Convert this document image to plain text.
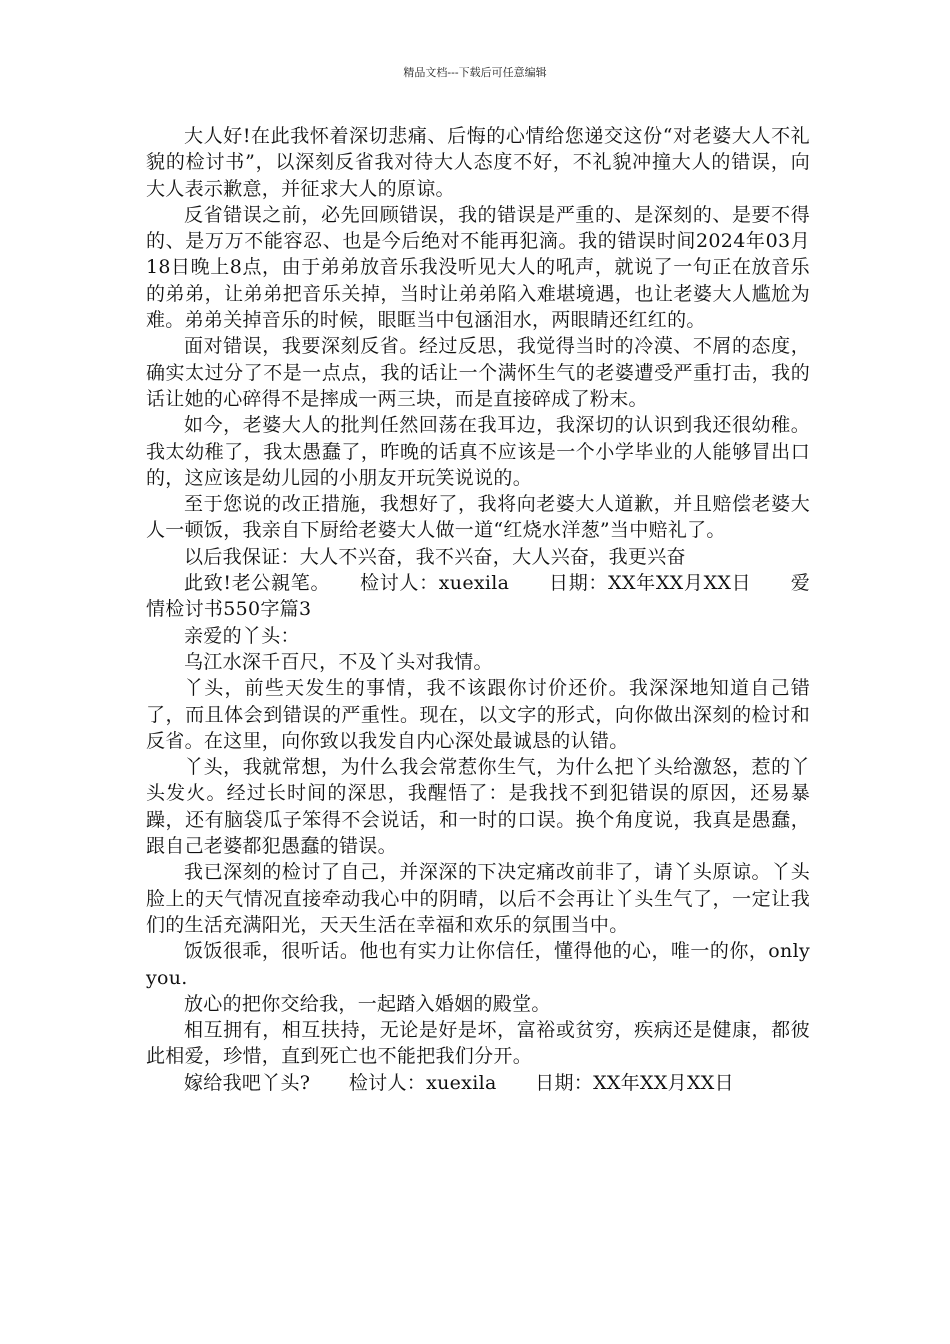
精品文档---下载后可任意编辑

大人好!在此我怀着深切悲痛、后悔的心情给您递交这份“对老婆大人不礼貌的检讨书”，以深刻反省我对待大人态度不好，不礼貌冲撞大人的错误，向大人表示歉意，并征求大人的原谅。

反省错误之前，必先回顾错误，我的错误是严重的、是深刻的、是要不得的、是万万不能容忍、也是今后绝对不能再犯滴。我的错误时间2024年03月18日晚上8点，由于弟弟放音乐我没听见大人的吼声，就说了一句正在放音乐的弟弟，让弟弟把音乐关掉，当时让弟弟陷入难堪境遇，也让老婆大人尴尬为难。弟弟关掉音乐的时候，眼眶当中包涵泪水，两眼睛还红红的。

面对错误，我要深刻反省。经过反思，我觉得当时的冷漠、不屑的态度，确实太过分了不是一点点，我的话让一个满怀生气的老婆遭受严重打击，我的话让她的心碎得不是摔成一两三块，而是直接碎成了粉末。

如今，老婆大人的批判任然回荡在我耳边，我深切的认识到我还很幼稚。我太幼稚了，我太愚蠢了，昨晚的话真不应该是一个小学毕业的人能够冒出口的，这应该是幼儿园的小朋友开玩笑说说的。

至于您说的改正措施，我想好了，我将向老婆大人道歉，并且赔偿老婆大人一顿饭，我亲自下厨给老婆大人做一道“红烧水洋葱”当中赔礼了。

以后我保证：大人不兴奋，我不兴奋，大人兴奋，我更兴奋

此致!老公親笔。　　检讨人：xuexila　　日期：XX年XX月XX日　　爱情检讨书550字篇3

亲爱的丫头：

乌江水深千百尺，不及丫头对我情。

丫头，前些天发生的事情，我不该跟你讨价还价。我深深地知道自己错了，而且体会到错误的严重性。现在，以文字的形式，向你做出深刻的检讨和反省。在这里，向你致以我发自内心深处最诚恳的认错。

丫头，我就常想，为什么我会常惹你生气，为什么把丫头给激怒，惹的丫头发火。经过长时间的深思，我醒悟了：是我找不到犯错误的原因，还易暴躁，还有脑袋瓜子笨得不会说话，和一时的口误。换个角度说，我真是愚蠢，跟自己老婆都犯愚蠢的错误。

我已深刻的检讨了自己，并深深的下决定痛改前非了，请丫头原谅。丫头脸上的天气情况直接牵动我心中的阴晴，以后不会再让丫头生气了，一定让我们的生活充满阳光，天天生活在幸福和欢乐的氛围当中。

饭饭很乖，很听话。他也有实力让你信任，懂得他的心，唯一的你，only you.

放心的把你交给我，一起踏入婚姻的殿堂。

相互拥有，相互扶持，无论是好是坏，富裕或贫穷，疾病还是健康，都彼此相爱，珍惜，直到死亡也不能把我们分开。

嫁给我吧丫头?　　检讨人：xuexila　　日期：XX年XX月XX日
